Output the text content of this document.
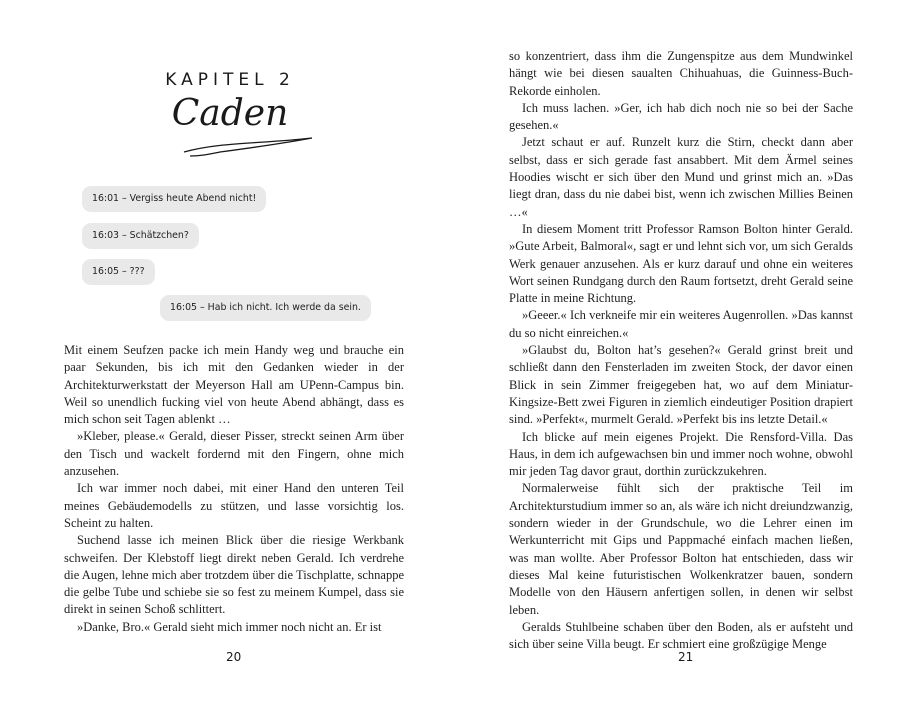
KAPITEL 2
Caden
16:01 – Vergiss heute Abend nicht!
16:03 – Schätzchen?
16:05 – ???
16:05 – Hab ich nicht. Ich werde da sein.

Mit einem Seufzen packe ich mein Handy weg und brauche ein paar Sekunden, bis ich mit den Gedanken wieder in der Architekturwerkstatt der Meyerson Hall am UPenn-Campus bin. Weil so unendlich fucking viel von heute Abend abhängt, dass es mich schon seit Tagen ablenkt …

»Kleber, please.« Gerald, dieser Pisser, streckt seinen Arm über den Tisch und wackelt fordernd mit den Fingern, ohne mich anzusehen.

Ich war immer noch dabei, mit einer Hand den unteren Teil meines Gebäudemodells zu stützen, und lasse vorsichtig los. Scheint zu halten.

Suchend lasse ich meinen Blick über die riesige Werkbank schweifen. Der Klebstoff liegt direkt neben Gerald. Ich verdrehe die Augen, lehne mich aber trotzdem über die Tischplatte, schnappe die gelbe Tube und schiebe sie so fest zu meinem Kumpel, dass sie direkt in seinen Schoß schlittert.

»Danke, Bro.« Gerald sieht mich immer noch nicht an. Er ist

20

so konzentriert, dass ihm die Zungenspitze aus dem Mundwinkel hängt wie bei diesen saualten Chihuahuas, die Guinness-Buch-Rekorde einholen.

Ich muss lachen. »Ger, ich hab dich noch nie so bei der Sache gesehen.«

Jetzt schaut er auf. Runzelt kurz die Stirn, checkt dann aber selbst, dass er sich gerade fast ansabbert. Mit dem Ärmel seines Hoodies wischt er sich über den Mund und grinst mich an. »Das liegt dran, dass du nie dabei bist, wenn ich zwischen Millies Beinen …«

In diesem Moment tritt Professor Ramson Bolton hinter Gerald. »Gute Arbeit, Balmoral«, sagt er und lehnt sich vor, um sich Geralds Werk genauer anzusehen. Als er kurz darauf und ohne ein weiteres Wort seinen Rundgang durch den Raum fortsetzt, dreht Gerald seine Platte in meine Richtung.

»Geeer.« Ich verkneife mir ein weiteres Augenrollen. »Das kannst du so nicht einreichen.«

»Glaubst du, Bolton hat’s gesehen?« Gerald grinst breit und schließt dann den Fensterladen im zweiten Stock, der davor einen Blick in sein Zimmer freigegeben hat, wo auf dem Miniatur-Kingsize-Bett zwei Figuren in ziemlich eindeutiger Position drapiert sind. »Perfekt«, murmelt Gerald. »Perfekt bis ins letzte Detail.«

Ich blicke auf mein eigenes Projekt. Die Rensford-Villa. Das Haus, in dem ich aufgewachsen bin und immer noch wohne, obwohl mir jeden Tag davor graut, dorthin zurückzukehren.

Normalerweise fühlt sich der praktische Teil im Architekturstudium immer so an, als wäre ich nicht dreiundzwanzig, sondern wieder in der Grundschule, wo die Lehrer einen im Werkunterricht mit Gips und Pappmaché einfach machen ließen, was man wollte. Aber Professor Bolton hat entschieden, dass wir dieses Mal keine futuristischen Wolkenkratzer bauen, sondern Modelle von den Häusern anfertigen sollen, in denen wir selbst leben.

Geralds Stuhlbeine schaben über den Boden, als er aufsteht und sich über seine Villa beugt. Er schmiert eine großzügige Menge

21
